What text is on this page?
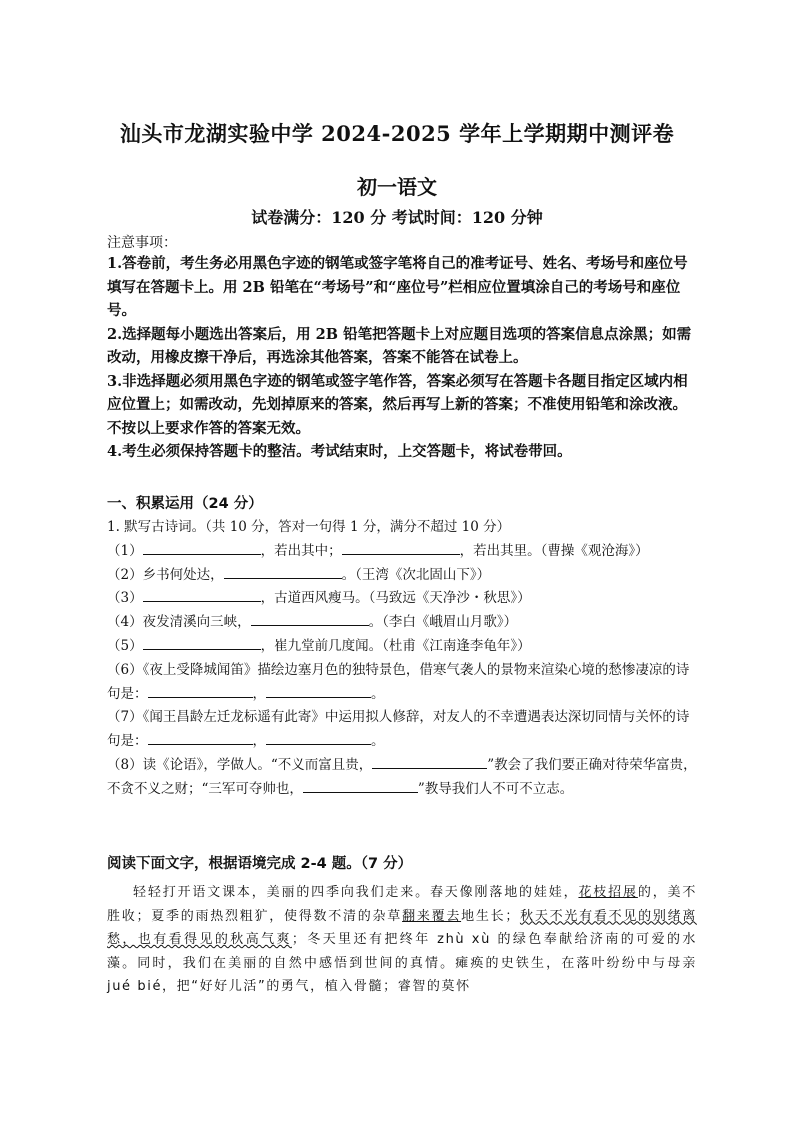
汕头市龙湖实验中学 2024-2025 学年上学期期中测评卷
初一语文
试卷满分：120 分 考试时间：120 分钟
注意事项：

1.答卷前，考生务必用黑色字迹的钢笔或签字笔将自己的准考证号、姓名、考场号和座位号填写在答题卡上。用 2B 铅笔在“考场号”和“座位号”栏相应位置填涂自己的考场号和座位号。

2.选择题每小题选出答案后，用 2B 铅笔把答题卡上对应题目选项的答案信息点涂黑；如需改动，用橡皮擦干净后，再选涂其他答案，答案不能答在试卷上。

3.非选择题必须用黑色字迹的钢笔或签字笔作答，答案必须写在答题卡各题目指定区域内相应位置上；如需改动，先划掉原来的答案，然后再写上新的答案；不准使用铅笔和涂改液。不按以上要求作答的答案无效。

4.考生必须保持答题卡的整洁。考试结束时，上交答题卡，将试卷带回。

一、积累运用（24 分）

1. 默写古诗词。（共 10 分，答对一句得 1 分，满分不超过 10 分）

（1）	，若出其中；	，若出其里。（曹操《观沧海》）

（2）乡书何处达，	。（王湾《次北固山下》）

（3）	，古道西风瘦马。（马致远《天净沙・秋思》）

（4）夜发清溪向三峡，	。（李白《峨眉山月歌》）

（5）	，崔九堂前几度闻。（杜甫《江南逢李龟年》）

（6）《夜上受降城闻笛》描绘边塞月色的独特景色，借寒气袭人的景物来渲染心境的愁惨凄凉的诗句是：	，	。

（7）《闻王昌龄左迁龙标遥有此寄》中运用拟人修辞，对友人的不幸遭遇表达深切同情与关怀的诗句是：	，	。

（8）读《论语》，学做人。“不义而富且贵，	”教会了我们要正确对待荣华富贵，不贪不义之财；“三军可夺帅也，	”教导我们人不可不立志。

阅读下面文字，根据语境完成 2-4 题。（7 分）

轻轻打开语文课本，美丽的四季向我们走来。春天像刚落地的娃娃，花枝招展的，美不胜收；夏季的雨热烈粗犷，使得数不清的杂草翻来覆去地生长；秋天不光有看不见的别绪离愁，也有看得见的秋高气爽；冬天里还有把终年 zhù xù 的绿色奉献给济南的可爱的水藻。同时，我们在美丽的自然中感悟到世间的真情。瘫痪的史铁生，在落叶纷纷中与母亲 jué bié，把“好好儿活”的勇气，植入骨髓；睿智的莫怀
